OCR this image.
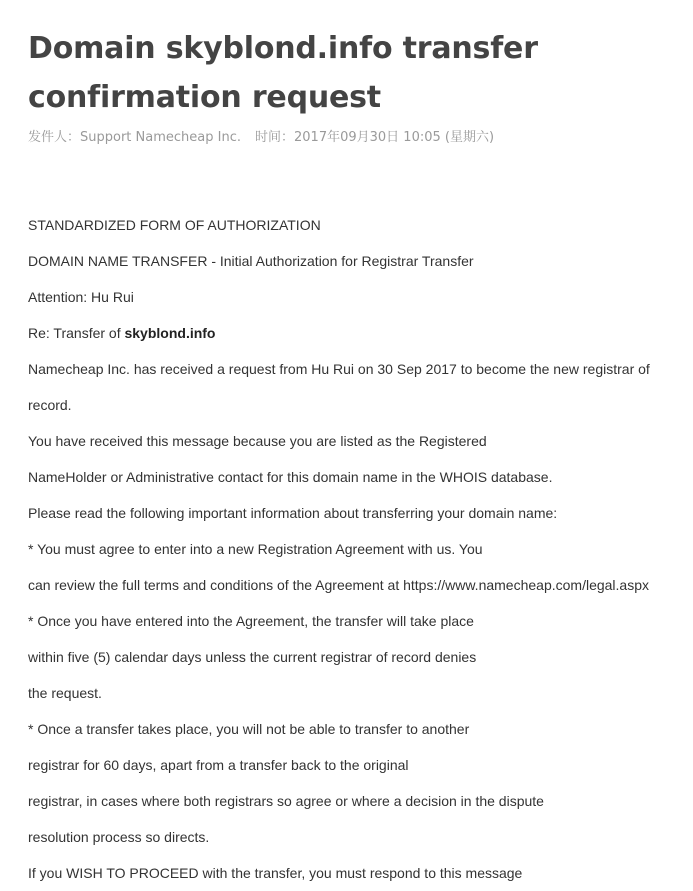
Domain skyblond.info transfer
confirmation request
发件人：Support Namecheap Inc. 时间：2017年09月30日 10:05 (星期六)
STANDARDIZED FORM OF AUTHORIZATION
DOMAIN NAME TRANSFER - Initial Authorization for Registrar Transfer
Attention: Hu Rui
Re: Transfer of skyblond.info
Namecheap Inc. has received a request from Hu Rui on 30 Sep 2017 to become the new registrar of
record.
You have received this message because you are listed as the Registered
NameHolder or Administrative contact for this domain name in the WHOIS database.
Please read the following important information about transferring your domain name:
* You must agree to enter into a new Registration Agreement with us. You
can review the full terms and conditions of the Agreement at https://www.namecheap.com/legal.aspx
* Once you have entered into the Agreement, the transfer will take place
within five (5) calendar days unless the current registrar of record denies
the request.
* Once a transfer takes place, you will not be able to transfer to another
registrar for 60 days, apart from a transfer back to the original
registrar, in cases where both registrars so agree or where a decision in the dispute
resolution process so directs.
If you WISH TO PROCEED with the transfer, you must respond to this message
